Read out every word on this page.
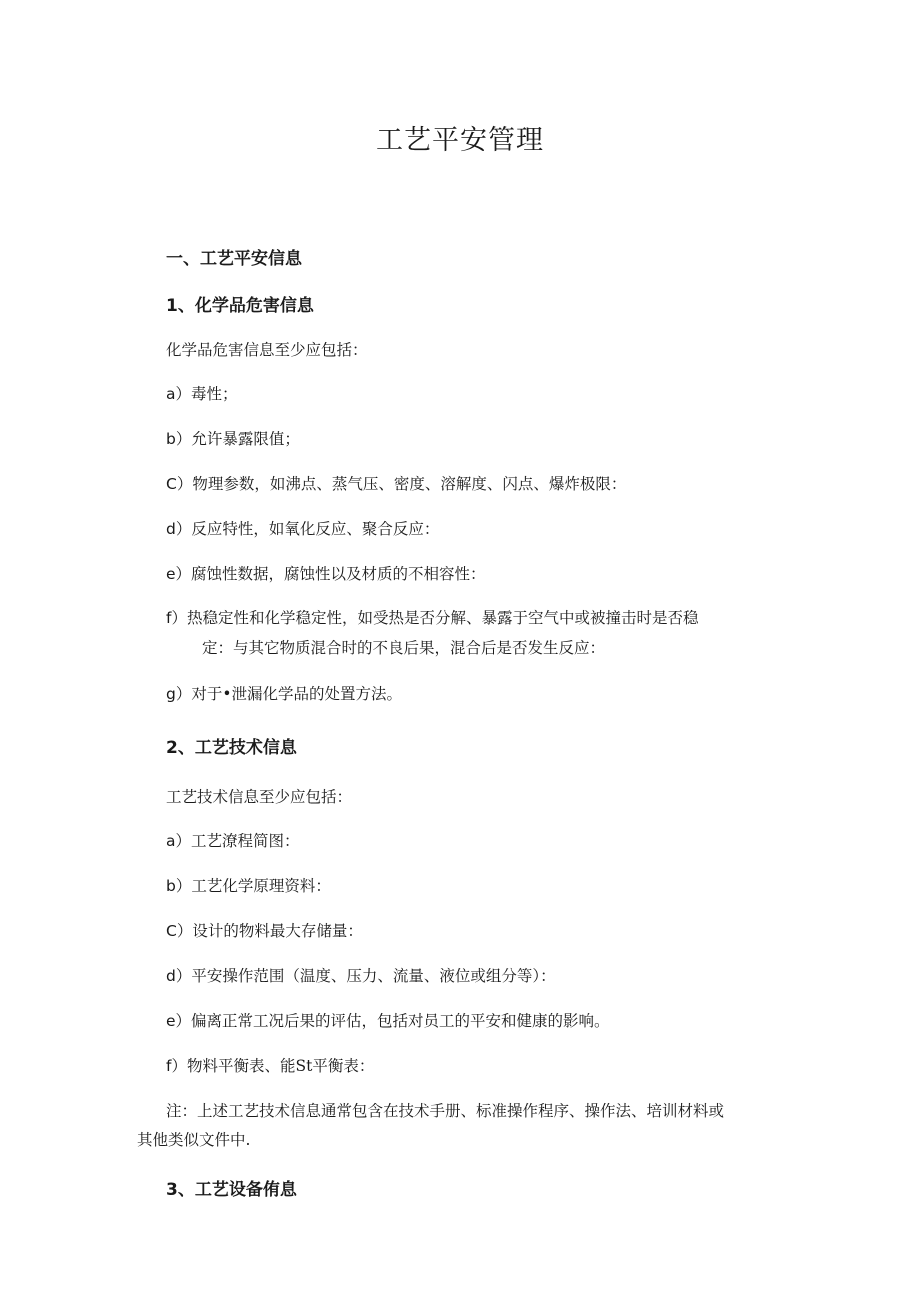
工艺平安管理
一、工艺平安信息
1、化学品危害信息

化学品危害信息至少应包括：

a）毒性；

b）允许暴露限值；

C）物理参数，如沸点、蒸气压、密度、溶解度、闪点、爆炸极限：

d）反应特性，如氧化反应、聚合反应：

e）腐蚀性数据，腐蚀性以及材质的不相容性：

f）热稳定性和化学稳定性，如受热是否分解、暴露于空气中或被撞击时是否稳

定：与其它物质混合时的不良后果，混合后是否发生反应：

g）对于•泄漏化学品的处置方法。

2、工艺技术信息

工艺技术信息至少应包括：

a）工艺潦程简图：

b）工艺化学原理资料：

C）设计的物料最大存储量：

d）平安操作范围（温度、压力、流量、液位或组分等）：

e）偏离正常工况后果的评估，包括对员工的平安和健康的影响。

f）物料平衡表、能St平衡表：

注：上述工艺技术信息通常包含在技术手册、标准操作程序、操作法、培训材料或

其他类似文件中.

3、工艺设备侑息
